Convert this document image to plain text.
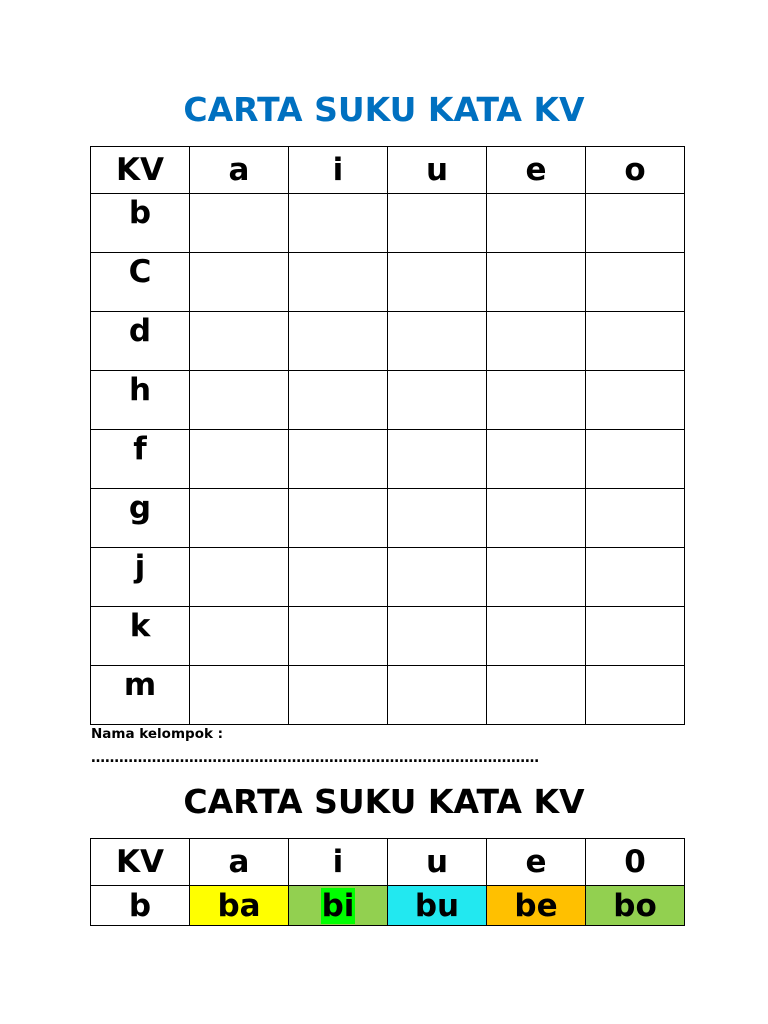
CARTA SUKU KATA KV
KV	a	i	u	e	o
b					
C					
d					
h					
f					
g					
j					
k					
m					
Nama kelompok :
……………………………………………………………………………………
CARTA SUKU KATA KV
KV	a	i	u	e	0
b	ba	bi	bu	be	bo
